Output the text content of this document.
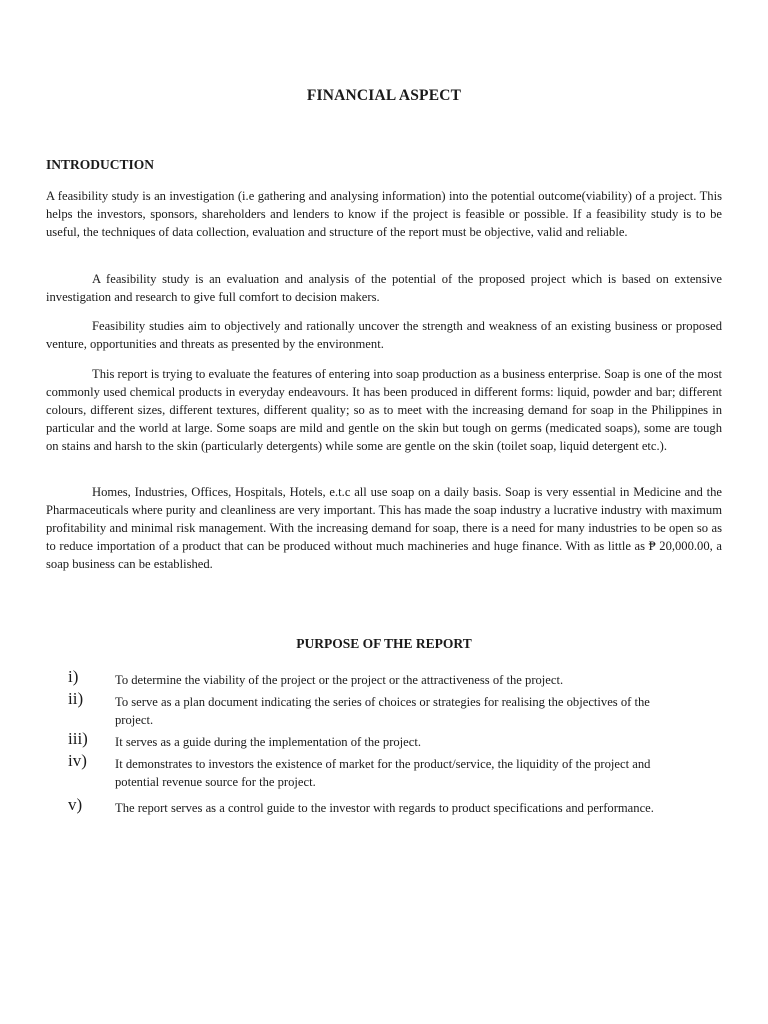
FINANCIAL ASPECT
INTRODUCTION
A feasibility study is an investigation (i.e gathering and analysing information) into the potential outcome(viability) of a project. This helps the investors, sponsors, shareholders and lenders to know if the project is feasible or possible. If a feasibility study is to be useful, the techniques of data collection, evaluation and structure of the report must be objective, valid and reliable.
A feasibility study is an evaluation and analysis of the potential of the proposed project which is based on extensive investigation and research to give full comfort to decision makers.
Feasibility studies aim to objectively and rationally uncover the strength and weakness of an existing business or proposed venture, opportunities and threats as presented by the environment.
This report is trying to evaluate the features of entering into soap production as a business enterprise. Soap is one of the most commonly used chemical products in everyday endeavours. It has been produced in different forms: liquid, powder and bar; different colours, different sizes, different textures, different quality; so as to meet with the increasing demand for soap in the Philippines in particular and the world at large. Some soaps are mild and gentle on the skin but tough on germs (medicated soaps), some are tough on stains and harsh to the skin (particularly detergents) while some are gentle on the skin (toilet soap, liquid detergent etc.).
Homes, Industries, Offices, Hospitals, Hotels, e.t.c all use soap on a daily basis. Soap is very essential in Medicine and the Pharmaceuticals where purity and cleanliness are very important. This has made the soap industry a lucrative industry with maximum profitability and minimal risk management. With the increasing demand for soap, there is a need for many industries to be open so as to reduce importation of a product that can be produced without much machineries and huge finance. With as little as ₱ 20,000.00, a soap business can be established.
PURPOSE OF THE REPORT
i)	To determine the viability of the project or the project or the attractiveness of the project.
ii)	To serve as a plan document indicating the series of choices or strategies for realising the objectives of the project.
iii) It serves as a guide during the implementation of the project.
iv) It demonstrates to investors the existence of market for the product/service, the liquidity of the project and potential revenue source for the project.
v)	The report serves as a control guide to the investor with regards to product specifications and performance.
